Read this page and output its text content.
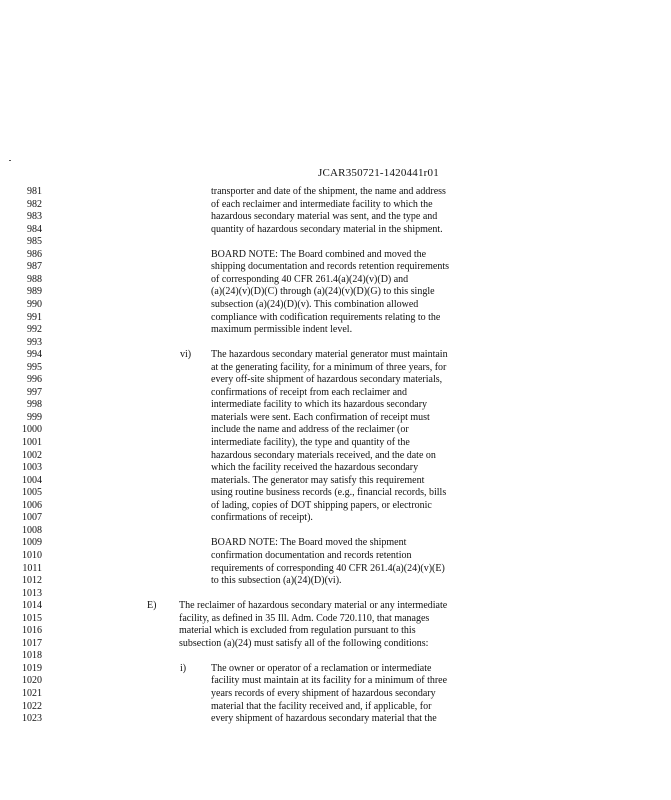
JCAR350721-1420441r01
981	transporter and date of the shipment, the name and address
982	of each reclaimer and intermediate facility to which the
983	hazardous secondary material was sent, and the type and
984	quantity of hazardous secondary material in the shipment.
985
986	BOARD NOTE: The Board combined and moved the
987	shipping documentation and records retention requirements
988	of corresponding 40 CFR 261.4(a)(24)(v)(D) and
989	(a)(24)(v)(D)(C) through (a)(24)(v)(D)(G) to this single
990	subsection (a)(24)(D)(v). This combination allowed
991	compliance with codification requirements relating to the
992	maximum permissible indent level.
993
994	vi) The hazardous secondary material generator must maintain
995	at the generating facility, for a minimum of three years, for
996	every off-site shipment of hazardous secondary materials,
997	confirmations of receipt from each reclaimer and
998	intermediate facility to which its hazardous secondary
999	materials were sent. Each confirmation of receipt must
1000	include the name and address of the reclaimer (or
1001	intermediate facility), the type and quantity of the
1002	hazardous secondary materials received, and the date on
1003	which the facility received the hazardous secondary
1004	materials. The generator may satisfy this requirement
1005	using routine business records (e.g., financial records, bills
1006	of lading, copies of DOT shipping papers, or electronic
1007	confirmations of receipt).
1008
1009	BOARD NOTE: The Board moved the shipment
1010	confirmation documentation and records retention
1011	requirements of corresponding 40 CFR 261.4(a)(24)(v)(E)
1012	to this subsection (a)(24)(D)(vi).
1013
1014	E) The reclaimer of hazardous secondary material or any intermediate
1015	facility, as defined in 35 Ill. Adm. Code 720.110, that manages
1016	material which is excluded from regulation pursuant to this
1017	subsection (a)(24) must satisfy all of the following conditions:
1018
1019	i) The owner or operator of a reclamation or intermediate
1020	facility must maintain at its facility for a minimum of three
1021	years records of every shipment of hazardous secondary
1022	material that the facility received and, if applicable, for
1023	every shipment of hazardous secondary material that the
